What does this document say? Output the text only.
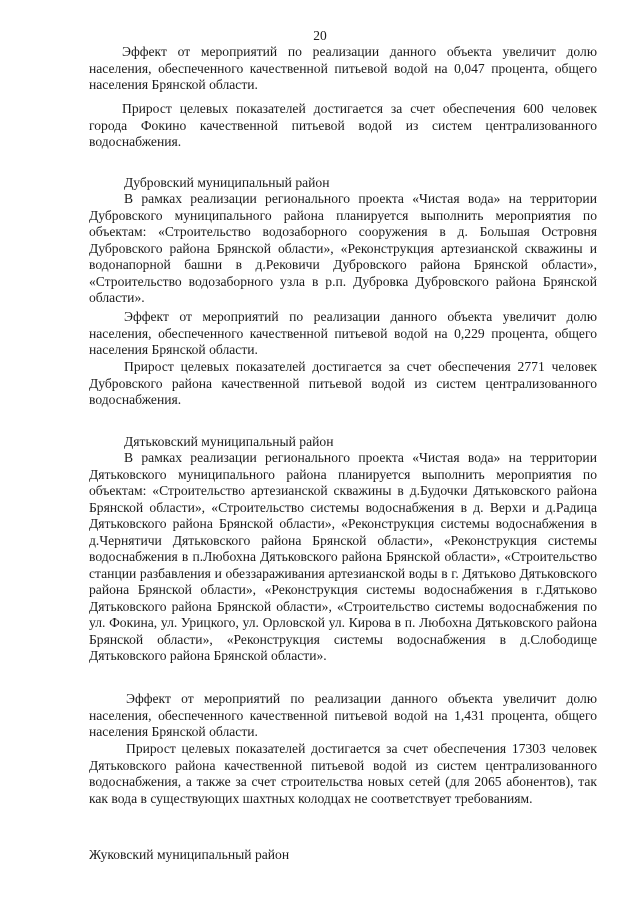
20

Эффект от мероприятий по реализации данного объекта увеличит долю населения, обеспеченного качественной питьевой водой на 0,047 процента, общего населения Брянской области.

Прирост целевых показателей достигается за счет обеспечения 600 человек города Фокино качественной питьевой водой из систем централизованного водоснабжения.

Дубровский муниципальный район

В рамках реализации регионального проекта «Чистая вода» на территории Дубровского муниципального района планируется выполнить мероприятия по объектам: «Строительство водозаборного сооружения в д. Большая Островня Дубровского района Брянской области», «Реконструкция артезианской скважины и водонапорной башни в д.Рековичи Дубровского района Брянской области», «Строительство водозаборного узла в р.п. Дубровка Дубровского района Брянской области».

Эффект от мероприятий по реализации данного объекта увеличит долю населения, обеспеченного качественной питьевой водой на 0,229 процента, общего населения Брянской области.

Прирост целевых показателей достигается за счет обеспечения 2771 человек Дубровского района качественной питьевой водой из систем централизованного водоснабжения.

Дятьковский муниципальный район

В рамках реализации регионального проекта «Чистая вода» на территории Дятьковского муниципального района планируется выполнить мероприятия по объектам: «Строительство артезианской скважины в д.Будочки Дятьковского района Брянской области», «Строительство системы водоснабжения в д. Верхи и д.Радица Дятьковского района Брянской области», «Реконструкция системы водоснабжения в д.Чернятичи Дятьковского района Брянской области», «Реконструкция системы водоснабжения в п.Любохна Дятьковского района Брянской области», «Строительство станции разбавления и обеззараживания артезианской воды в г. Дятьково Дятьковского района Брянской области», «Реконструкция системы водоснабжения в г.Дятьково Дятьковского района Брянской области», «Строительство системы водоснабжения по ул. Фокина, ул. Урицкого, ул. Орловской ул. Кирова в п. Любохна Дятьковского района Брянской области», «Реконструкция системы водоснабжения в д.Слободище Дятьковского района Брянской области».

Эффект от мероприятий по реализации данного объекта увеличит долю населения, обеспеченного качественной питьевой водой на 1,431 процента, общего населения Брянской области.

Прирост целевых показателей достигается за счет обеспечения 17303 человек Дятьковского района качественной питьевой водой из систем централизованного водоснабжения, а также за счет строительства новых сетей (для 2065 абонентов), так как вода в существующих шахтных колодцах не соответствует требованиям.

Жуковский муниципальный район
